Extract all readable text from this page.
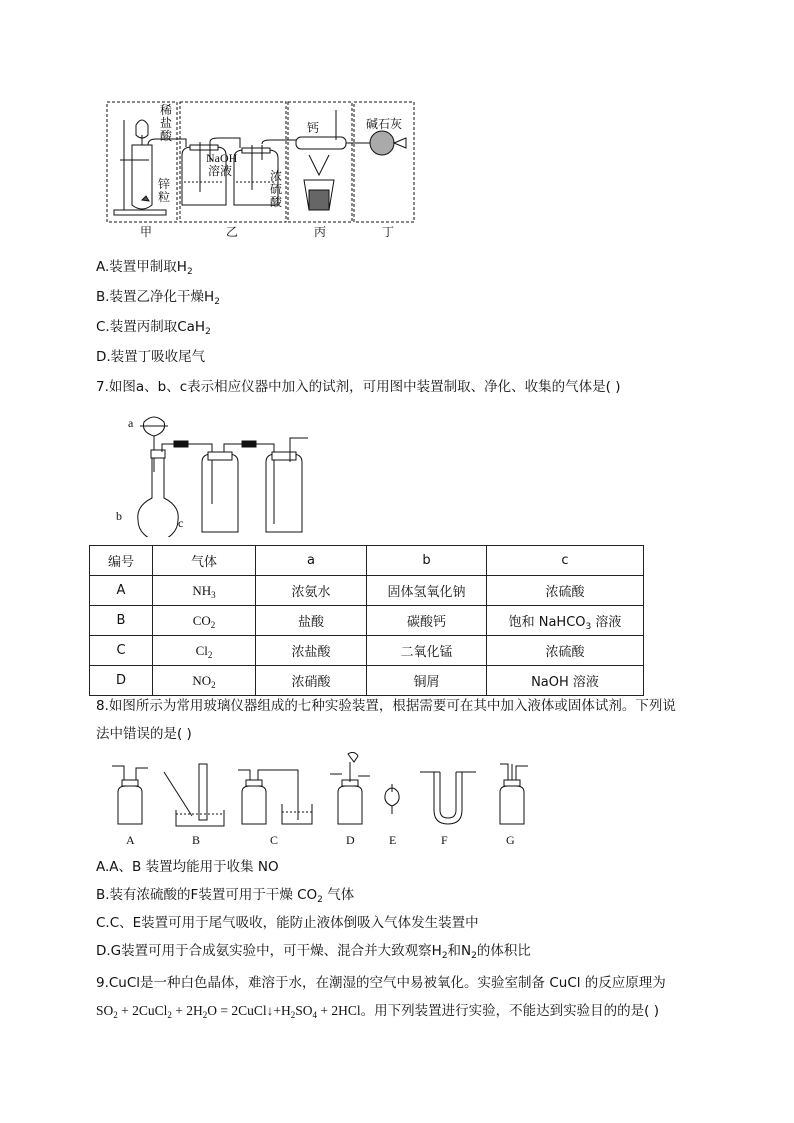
稀
盐
酸
锌
粒
NaOH
溶液	浓
硫
酸
钙	碱石灰
甲	乙	丙	丁
A.装置甲制取$H_2$
B.装置乙净化干燥$H_2$
C.装置丙制取CaH$_2$
D.装置丁吸收尾气
7.如图a、b、c表示相应仪器中加入的试剂，可用图中装置制取、净化、收集的气体是( )
a
b	c
编号	气体	a	b	c
A	$NH_3$	浓氨水	固体氢氧化钠	浓硫酸
B	$CO_2$	盐酸	碳酸钙	饱和 NaHCO$_3$ 溶液
C	$Cl_2$	浓盐酸	二氧化锰	浓硫酸
D	$NO_2$	浓硝酸	铜屑	NaOH 溶液
8.如图所示为常用玻璃仪器组成的七种实验装置，根据需要可在其中加入液体或固体试剂。下列说
法中错误的是( )
A	B	C	D	E	F	G
A.A、B 装置均能用于收集 NO
B.装有浓硫酸的F装置可用于干燥 $CO_2$ 气体
C.C、E装置可用于尾气吸收，能防止液体倒吸入气体发生装置中
D.G装置可用于合成氨实验中，可干燥、混合并大致观察$H_2$和$N_2$的体积比
9.CuCl是一种白色晶体，难溶于水，在潮湿的空气中易被氧化。实验室制备 CuCl 的反应原理为
$SO_2$ + 2CuCl$_2$ + $2H_2O$ = $2CuCl↓+H_2SO_4 + 2HCl$。用下列装置进行实验，不能达到实验目的的是( )
